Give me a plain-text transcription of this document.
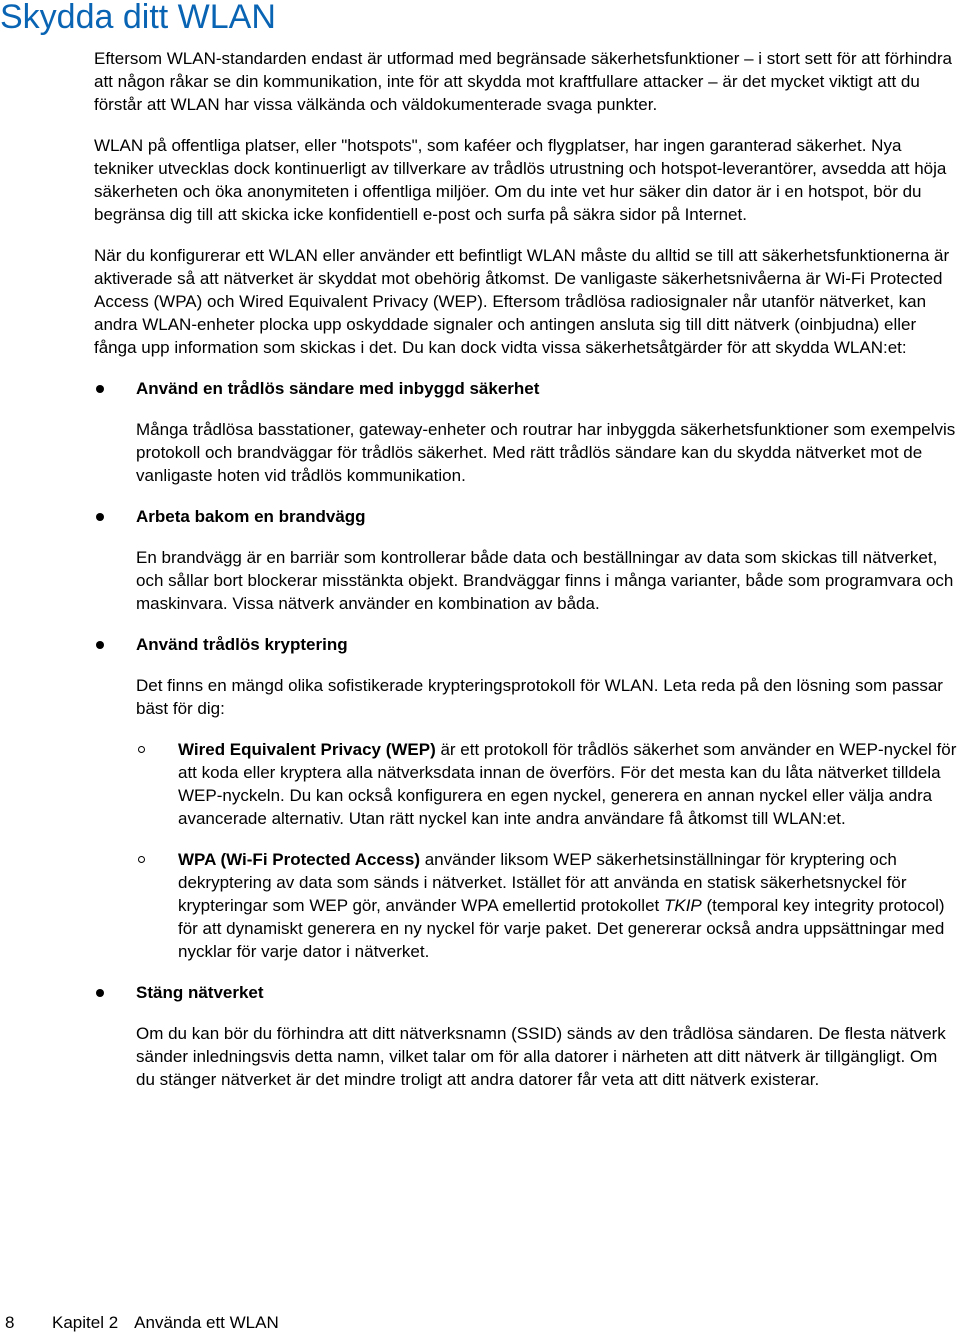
Skydda ditt WLAN

Eftersom WLAN-standarden endast är utformad med begränsade säkerhetsfunktioner – i stort sett för att förhindra att någon råkar se din kommunikation, inte för att skydda mot kraftfullare attacker – är det mycket viktigt att du förstår att WLAN har vissa välkända och väldokumenterade svaga punkter.

WLAN på offentliga platser, eller "hotspots", som kaféer och flygplatser, har ingen garanterad säkerhet. Nya tekniker utvecklas dock kontinuerligt av tillverkare av trådlös utrustning och hotspot-leverantörer, avsedda att höja säkerheten och öka anonymiteten i offentliga miljöer. Om du inte vet hur säker din dator är i en hotspot, bör du begränsa dig till att skicka icke konfidentiell e-post och surfa på säkra sidor på Internet.

När du konfigurerar ett WLAN eller använder ett befintligt WLAN måste du alltid se till att säkerhetsfunktionerna är aktiverade så att nätverket är skyddat mot obehörig åtkomst. De vanligaste säkerhetsnivåerna är Wi-Fi Protected Access (WPA) och Wired Equivalent Privacy (WEP). Eftersom trådlösa radiosignaler når utanför nätverket, kan andra WLAN-enheter plocka upp oskyddade signaler och antingen ansluta sig till ditt nätverk (oinbjudna) eller fånga upp information som skickas i det. Du kan dock vidta vissa säkerhetsåtgärder för att skydda WLAN:et:

Använd en trådlös sändare med inbyggd säkerhet
Många trådlösa basstationer, gateway-enheter och routrar har inbyggda säkerhetsfunktioner som exempelvis protokoll och brandväggar för trådlös säkerhet. Med rätt trådlös sändare kan du skydda nätverket mot de vanligaste hoten vid trådlös kommunikation.
Arbeta bakom en brandvägg
En brandvägg är en barriär som kontrollerar både data och beställningar av data som skickas till nätverket, och sållar bort blockerar misstänkta objekt. Brandväggar finns i många varianter, både som programvara och maskinvara. Vissa nätverk använder en kombination av båda.
Använd trådlös kryptering
Det finns en mängd olika sofistikerade krypteringsprotokoll för WLAN. Leta reda på den lösning som passar bäst för dig:
Wired Equivalent Privacy (WEP) är ett protokoll för trådlös säkerhet som använder en WEP-nyckel för att koda eller kryptera alla nätverksdata innan de överförs. För det mesta kan du låta nätverket tilldela WEP-nyckeln. Du kan också konfigurera en egen nyckel, generera en annan nyckel eller välja andra avancerade alternativ. Utan rätt nyckel kan inte andra användare få åtkomst till WLAN:et.
WPA (Wi-Fi Protected Access) använder liksom WEP säkerhetsinställningar för kryptering och dekryptering av data som sänds i nätverket. Istället för att använda en statisk säkerhetsnyckel för krypteringar som WEP gör, använder WPA emellertid protokollet TKIP (temporal key integrity protocol) för att dynamiskt generera en ny nyckel för varje paket. Det genererar också andra uppsättningar med nycklar för varje dator i nätverket.
Stäng nätverket
Om du kan bör du förhindra att ditt nätverksnamn (SSID) sänds av den trådlösa sändaren. De flesta nätverk sänder inledningsvis detta namn, vilket talar om för alla datorer i närheten att ditt nätverk är tillgängligt. Om du stänger nätverket är det mindre troligt att andra datorer får veta att ditt nätverk existerar.
8 Kapitel 2 Använda ett WLAN
